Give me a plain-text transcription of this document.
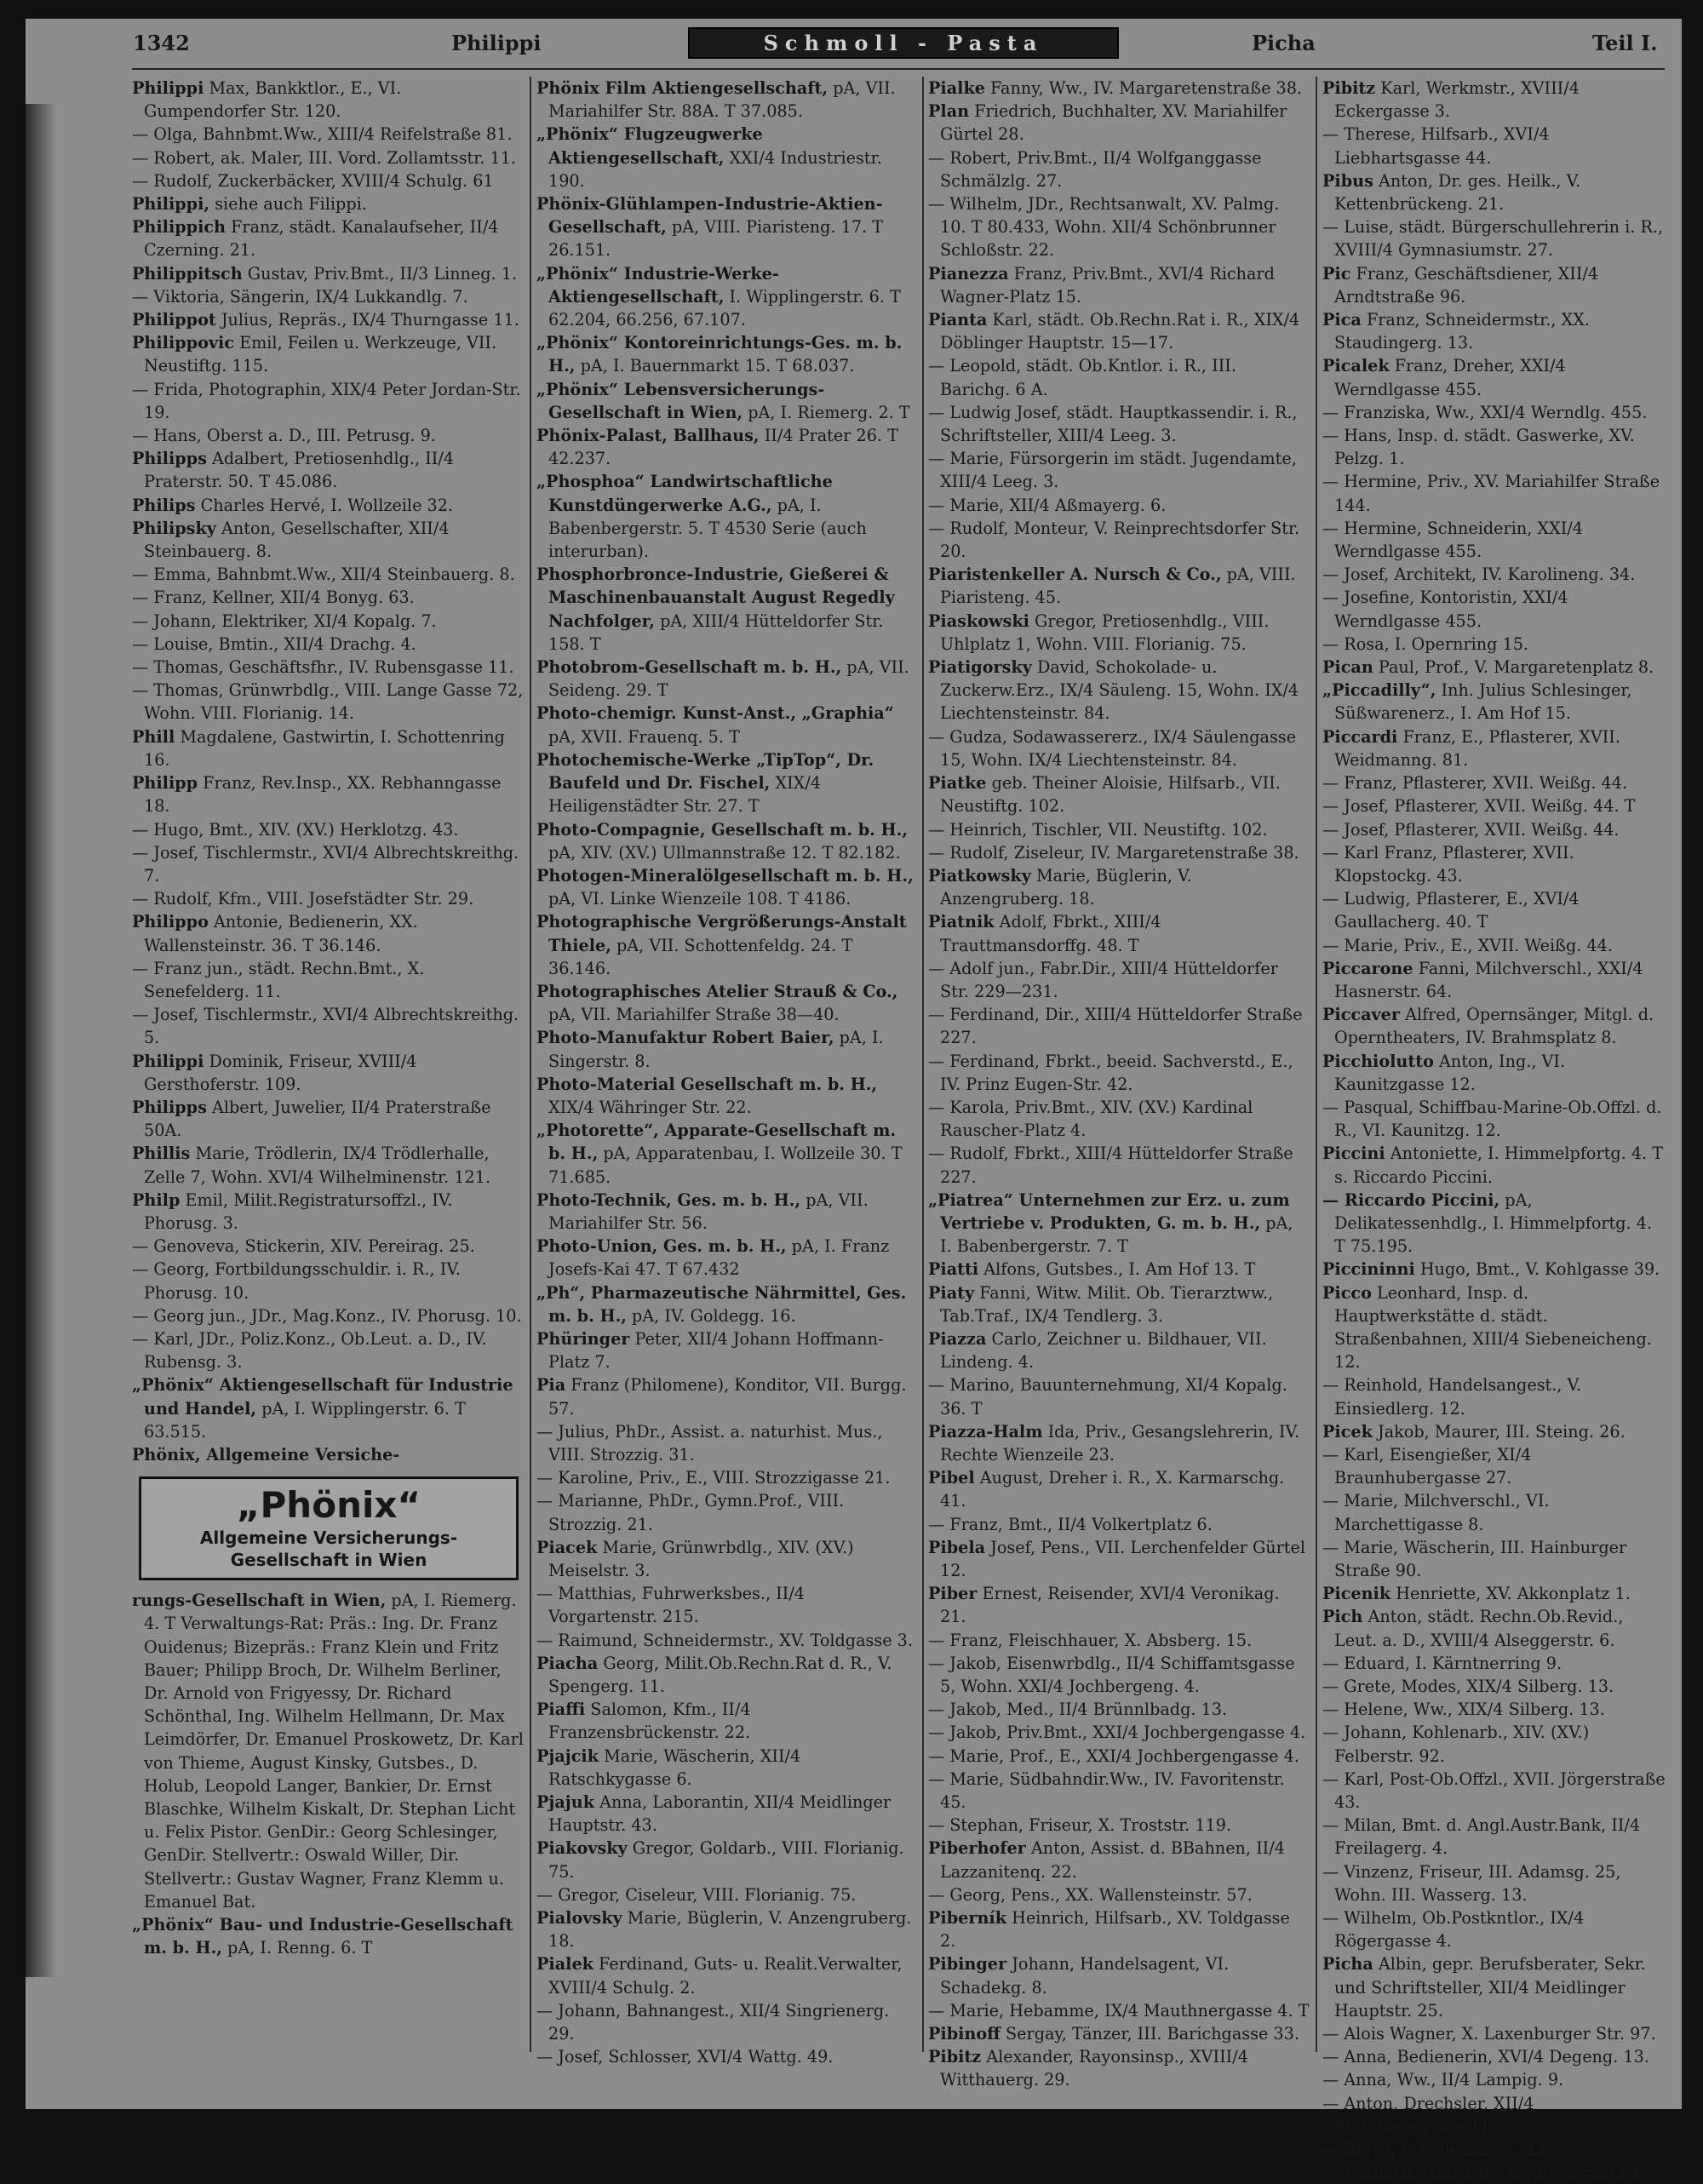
1342	Philippi	Schmoll - Pasta	Picha	Teil I.
Philippi Max, Bankktlor., E., VI. Gumpendorfer Str. 120.
— Olga, Bahnbmt.Ww., XIII/4 Reifelstraße 81.
— Robert, ak. Maler, III. Vord. Zollamtsstr. 11.
— Rudolf, Zuckerbäcker, XVIII/4 Schulg. 61
Philippi, siehe auch Filippi.
Philippich Franz, städt. Kanalaufseher, II/4 Czerning. 21.
Philippitsch Gustav, Priv.Bmt., II/3 Linneg. 1.
— Viktoria, Sängerin, IX/4 Lukkandlg. 7.
Philippot Julius, Repräs., IX/4 Thurngasse 11.
Philippovic Emil, Feilen u. Werkzeuge, VII. Neustiftg. 115.
— Frida, Photographin, XIX/4 Peter Jordan-Str. 19.
— Hans, Oberst a. D., III. Petrusg. 9.
Philipps Adalbert, Pretiosenhdlg., II/4 Praterstr. 50. T 45.086.
Philips Charles Hervé, I. Wollzeile 32.
Philipsky Anton, Gesellschafter, XII/4 Steinbauerg. 8.
— Emma, Bahnbmt.Ww., XII/4 Steinbauerg. 8.
— Franz, Kellner, XII/4 Bonyg. 63.
— Johann, Elektriker, XI/4 Kopalg. 7.
— Louise, Bmtin., XII/4 Drachg. 4.
— Thomas, Geschäftsfhr., IV. Rubensgasse 11.
— Thomas, Grünwrbdlg., VIII. Lange Gasse 72, Wohn. VIII. Florianig. 14.
Phill Magdalene, Gastwirtin, I. Schottenring 16.
Philipp Franz, Rev.Insp., XX. Rebhanngasse 18.
— Hugo, Bmt., XIV. (XV.) Herklotzg. 43.
— Josef, Tischlermstr., XVI/4 Albrechtskreithg. 7.
— Rudolf, Kfm., VIII. Josefstädter Str. 29.
Philippo Antonie, Bedienerin, XX. Wallensteinstr. 36. T 36.146.
— Franz jun., städt. Rechn.Bmt., X. Senefelderg. 11.
— Josef, Tischlermstr., XVI/4 Albrechtskreithg. 5.
Philippi Dominik, Friseur, XVIII/4 Gersthoferstr. 109.
Philipps Albert, Juwelier, II/4 Praterstraße 50A.
Phillis Marie, Trödlerin, IX/4 Trödlerhalle, Zelle 7, Wohn. XVI/4 Wilhelminenstr. 121.
Philp Emil, Milit.Registratursoffzl., IV. Phorusg. 3.
— Genoveva, Stickerin, XIV. Pereirag. 25.
— Georg, Fortbildungsschuldir. i. R., IV. Phorusg. 10.
— Georg jun., JDr., Mag.Konz., IV. Phorusg. 10.
— Karl, JDr., Poliz.Konz., Ob.Leut. a. D., IV. Rubensg. 3.
„Phönix“ Aktiengesellschaft für Industrie und Handel, pA, I. Wipplingerstr. 6. T 63.515.
Phönix, Allgemeine Versiche-
„Phönix“
Allgemeine Versicherungs-Gesellschaft in Wien
rungs-Gesellschaft in Wien, pA, I. Riemerg. 4. T Verwaltungs-Rat: Präs.: Ing. Dr. Franz Ouidenus; Bizepräs.: Franz Klein und Fritz Bauer; Philipp Broch, Dr. Wilhelm Berliner, Dr. Arnold von Frigyessy, Dr. Richard Schönthal, Ing. Wilhelm Hellmann, Dr. Max Leimdörfer, Dr. Emanuel Proskowetz, Dr. Karl von Thieme, August Kinsky, Gutsbes., D. Holub, Leopold Langer, Bankier, Dr. Ernst Blaschke, Wilhelm Kiskalt, Dr. Stephan Licht u. Felix Pistor. GenDir.: Georg Schlesinger, GenDir. Stellvertr.: Oswald Willer, Dir. Stellvertr.: Gustav Wagner, Franz Klemm u. Emanuel Bat.
„Phönix“ Bau- und Industrie-Gesellschaft m. b. H., pA, I. Renng. 6. T
Phönix Film Aktiengesellschaft, pA, VII. Mariahilfer Str. 88A. T 37.085.
„Phönix“ Flugzeugwerke Aktiengesellschaft, XXI/4 Industriestr. 190.
Phönix-Glühlampen-Industrie-Aktien-Gesellschaft, pA, VIII. Piaristeng. 17. T 26.151.
„Phönix“ Industrie-Werke-Aktiengesellschaft, I. Wipplingerstr. 6. T 62.204, 66.256, 67.107.
„Phönix“ Kontoreinrichtungs-Ges. m. b. H., pA, I. Bauernmarkt 15. T 68.037.
„Phönix“ Lebensversicherungs-Gesellschaft in Wien, pA, I. Riemerg. 2. T
Phönix-Palast, Ballhaus, II/4 Prater 26. T 42.237.
„Phosphoa“ Landwirtschaftliche Kunstdüngerwerke A.G., pA, I. Babenbergerstr. 5. T 4530 Serie (auch interurban).
Phosphorbronce-Industrie, Gießerei & Maschinenbauanstalt August Regedly Nachfolger, pA, XIII/4 Hütteldorfer Str. 158. T
Photobrom-Gesellschaft m. b. H., pA, VII. Seideng. 29. T
Photo-chemigr. Kunst-Anst., „Graphia“ pA, XVII. Frauenq. 5. T
Photochemische-Werke „TipTop“, Dr. Baufeld und Dr. Fischel, XIX/4 Heiligenstädter Str. 27. T
Photo-Compagnie, Gesellschaft m. b. H., pA, XIV. (XV.) Ullmannstraße 12. T 82.182.
Photogen-Mineralölgesellschaft m. b. H., pA, VI. Linke Wienzeile 108. T 4186.
Photographische Vergrößerungs-Anstalt Thiele, pA, VII. Schottenfeldg. 24. T 36.146.
Photographisches Atelier Strauß & Co., pA, VII. Mariahilfer Straße 38—40.
Photo-Manufaktur Robert Baier, pA, I. Singerstr. 8.
Photo-Material Gesellschaft m. b. H., XIX/4 Währinger Str. 22.
„Photorette“, Apparate-Gesellschaft m. b. H., pA, Apparatenbau, I. Wollzeile 30. T 71.685.
Photo-Technik, Ges. m. b. H., pA, VII. Mariahilfer Str. 56.
Photo-Union, Ges. m. b. H., pA, I. Franz Josefs-Kai 47. T 67.432
„Ph“, Pharmazeutische Nährmittel, Ges. m. b. H., pA, IV. Goldegg. 16.
Phüringer Peter, XII/4 Johann Hoffmann-Platz 7.
Pia Franz (Philomene), Konditor, VII. Burgg. 57.
— Julius, PhDr., Assist. a. naturhist. Mus., VIII. Strozzig. 31.
— Karoline, Priv., E., VIII. Strozzigasse 21.
— Marianne, PhDr., Gymn.Prof., VIII. Strozzig. 21.
Piacek Marie, Grünwrbdlg., XIV. (XV.) Meiselstr. 3.
— Matthias, Fuhrwerksbes., II/4 Vorgartenstr. 215.
— Raimund, Schneidermstr., XV. Toldgasse 3.
Piacha Georg, Milit.Ob.Rechn.Rat d. R., V. Spengerg. 11.
Piaffi Salomon, Kfm., II/4 Franzensbrückenstr. 22.
Pjajcik Marie, Wäscherin, XII/4 Ratschkygasse 6.
Pjajuk Anna, Laborantin, XII/4 Meidlinger Hauptstr. 43.
Piakovsky Gregor, Goldarb., VIII. Florianig. 75.
— Gregor, Ciseleur, VIII. Florianig. 75.
Pialovsky Marie, Büglerin, V. Anzengruberg. 18.
Pialek Ferdinand, Guts- u. Realit.Verwalter, XVIII/4 Schulg. 2.
— Johann, Bahnangest., XII/4 Singrienerg. 29.
— Josef, Schlosser, XVI/4 Wattg. 49.
Pialke Fanny, Ww., IV. Margaretenstraße 38.
Plan Friedrich, Buchhalter, XV. Mariahilfer Gürtel 28.
— Robert, Priv.Bmt., II/4 Wolfganggasse Schmälzlg. 27.
— Wilhelm, JDr., Rechtsanwalt, XV. Palmg. 10. T 80.433, Wohn. XII/4 Schönbrunner Schloßstr. 22.
Pianezza Franz, Priv.Bmt., XVI/4 Richard Wagner-Platz 15.
Pianta Karl, städt. Ob.Rechn.Rat i. R., XIX/4 Döblinger Hauptstr. 15—17.
— Leopold, städt. Ob.Kntlor. i. R., III. Barichg. 6 A.
— Ludwig Josef, städt. Hauptkassendir. i. R., Schriftsteller, XIII/4 Leeg. 3.
— Marie, Fürsorgerin im städt. Jugendamte, XIII/4 Leeg. 3.
— Marie, XII/4 Aßmayerg. 6.
— Rudolf, Monteur, V. Reinprechtsdorfer Str. 20.
Piaristenkeller A. Nursch & Co., pA, VIII. Piaristeng. 45.
Piaskowski Gregor, Pretiosenhdlg., VIII. Uhlplatz 1, Wohn. VIII. Florianig. 75.
Piatigorsky David, Schokolade- u. Zuckerw.Erz., IX/4 Säuleng. 15, Wohn. IX/4 Liechtensteinstr. 84.
— Gudza, Sodawassererz., IX/4 Säulengasse 15, Wohn. IX/4 Liechtensteinstr. 84.
Piatke geb. Theiner Aloisie, Hilfsarb., VII. Neustiftg. 102.
— Heinrich, Tischler, VII. Neustiftg. 102.
— Rudolf, Ziseleur, IV. Margaretenstraße 38.
Piatkowsky Marie, Büglerin, V. Anzengruberg. 18.
Piatnik Adolf, Fbrkt., XIII/4 Trauttmansdorffg. 48. T
— Adolf jun., Fabr.Dir., XIII/4 Hütteldorfer Str. 229—231.
— Ferdinand, Dir., XIII/4 Hütteldorfer Straße 227.
— Ferdinand, Fbrkt., beeid. Sachverstd., E., IV. Prinz Eugen-Str. 42.
— Karola, Priv.Bmt., XIV. (XV.) Kardinal Rauscher-Platz 4.
— Rudolf, Fbrkt., XIII/4 Hütteldorfer Straße 227.
„Piatrea“ Unternehmen zur Erz. u. zum Vertriebe v. Produkten, G. m. b. H., pA, I. Babenbergerstr. 7. T
Piatti Alfons, Gutsbes., I. Am Hof 13. T
Piaty Fanni, Witw. Milit. Ob. Tierarztww., Tab.Traf., IX/4 Tendlerg. 3.
Piazza Carlo, Zeichner u. Bildhauer, VII. Lindeng. 4.
— Marino, Bauunternehmung, XI/4 Kopalg. 36. T
Piazza-Halm Ida, Priv., Gesangslehrerin, IV. Rechte Wienzeile 23.
Pibel August, Dreher i. R., X. Karmarschg. 41.
— Franz, Bmt., II/4 Volkertplatz 6.
Pibela Josef, Pens., VII. Lerchenfelder Gürtel 12.
Piber Ernest, Reisender, XVI/4 Veronikag. 21.
— Franz, Fleischhauer, X. Absberg. 15.
— Jakob, Eisenwrbdlg., II/4 Schiffamtsgasse 5, Wohn. XXI/4 Jochbergeng. 4.
— Jakob, Med., II/4 Brünnlbadg. 13.
— Jakob, Priv.Bmt., XXI/4 Jochbergengasse 4.
— Marie, Prof., E., XXI/4 Jochbergengasse 4.
— Marie, Südbahndir.Ww., IV. Favoritenstr. 45.
— Stephan, Friseur, X. Troststr. 119.
Piberhofer Anton, Assist. d. BBahnen, II/4 Lazzanitenq. 22.
— Georg, Pens., XX. Wallensteinstr. 57.
Piberník Heinrich, Hilfsarb., XV. Toldgasse 2.
Pibinger Johann, Handelsagent, VI. Schadekg. 8.
— Marie, Hebamme, IX/4 Mauthnergasse 4. T
Pibinoff Sergay, Tänzer, III. Barichgasse 33.
Pibitz Alexander, Rayonsinsp., XVIII/4 Witthauerg. 29.
Pibitz Karl, Werkmstr., XVIII/4 Eckergasse 3.
— Therese, Hilfsarb., XVI/4 Liebhartsgasse 44.
Pibus Anton, Dr. ges. Heilk., V. Kettenbrückeng. 21.
— Luise, städt. Bürgerschullehrerin i. R., XVIII/4 Gymnasiumstr. 27.
Pic Franz, Geschäftsdiener, XII/4 Arndtstraße 96.
Pica Franz, Schneidermstr., XX. Staudingerg. 13.
Picalek Franz, Dreher, XXI/4 Werndlgasse 455.
— Franziska, Ww., XXI/4 Werndlg. 455.
— Hans, Insp. d. städt. Gaswerke, XV. Pelzg. 1.
— Hermine, Priv., XV. Mariahilfer Straße 144.
— Hermine, Schneiderin, XXI/4 Werndlgasse 455.
— Josef, Architekt, IV. Karolineng. 34.
— Josefine, Kontoristin, XXI/4 Werndlgasse 455.
— Rosa, I. Opernring 15.
Pican Paul, Prof., V. Margaretenplatz 8.
„Piccadilly“, Inh. Julius Schlesinger, Süßwarenerz., I. Am Hof 15.
Piccardi Franz, E., Pflasterer, XVII. Weidmanng. 81.
— Franz, Pflasterer, XVII. Weißg. 44.
— Josef, Pflasterer, XVII. Weißg. 44. T
— Josef, Pflasterer, XVII. Weißg. 44.
— Karl Franz, Pflasterer, XVII. Klopstockg. 43.
— Ludwig, Pflasterer, E., XVI/4 Gaullacherg. 40. T
— Marie, Priv., E., XVII. Weißg. 44.
Piccarone Fanni, Milchverschl., XXI/4 Hasnerstr. 64.
Piccaver Alfred, Opernsänger, Mitgl. d. Operntheaters, IV. Brahmsplatz 8.
Picchiolutto Anton, Ing., VI. Kaunitzgasse 12.
— Pasqual, Schiffbau-Marine-Ob.Offzl. d. R., VI. Kaunitzg. 12.
Piccini Antoniette, I. Himmelpfortg. 4. T s. Riccardo Piccini.
— Riccardo Piccini, pA, Delikatessenhdlg., I. Himmelpfortg. 4. T 75.195.
Piccininni Hugo, Bmt., V. Kohlgasse 39.
Picco Leonhard, Insp. d. Hauptwerkstätte d. städt. Straßenbahnen, XIII/4 Siebeneicheng. 12.
— Reinhold, Handelsangest., V. Einsiedlerg. 12.
Picek Jakob, Maurer, III. Steing. 26.
— Karl, Eisengießer, XI/4 Braunhubergasse 27.
— Marie, Milchverschl., VI. Marchettigasse 8.
— Marie, Wäscherin, III. Hainburger Straße 90.
Picenik Henriette, XV. Akkonplatz 1.
Pich Anton, städt. Rechn.Ob.Revid., Leut. a. D., XVIII/4 Alseggerstr. 6.
— Eduard, I. Kärntnerring 9.
— Grete, Modes, XIX/4 Silberg. 13.
— Helene, Ww., XIX/4 Silberg. 13.
— Johann, Kohlenarb., XIV. (XV.) Felberstr. 92.
— Karl, Post-Ob.Offzl., XVII. Jörgerstraße 43.
— Milan, Bmt. d. Angl.Austr.Bank, II/4 Freilagerg. 4.
— Vinzenz, Friseur, III. Adamsg. 25, Wohn. III. Wasserg. 13.
— Wilhelm, Ob.Postkntlor., IX/4 Rögergasse 4.
Picha Albin, gepr. Berufsberater, Sekr. und Schriftsteller, XII/4 Meidlinger Hauptstr. 25.
— Alois Wagner, X. Laxenburger Str. 97.
— Anna, Bedienerin, XVI/4 Degeng. 13.
— Anna, Ww., II/4 Lampig. 9.
— Anton, Drechsler, XII/4 Steinhagegasse 11.
— Berta, V. Vogelsangg. 43.
— Barbaro, Hilfsarb., X. Antonsplatz 4.
